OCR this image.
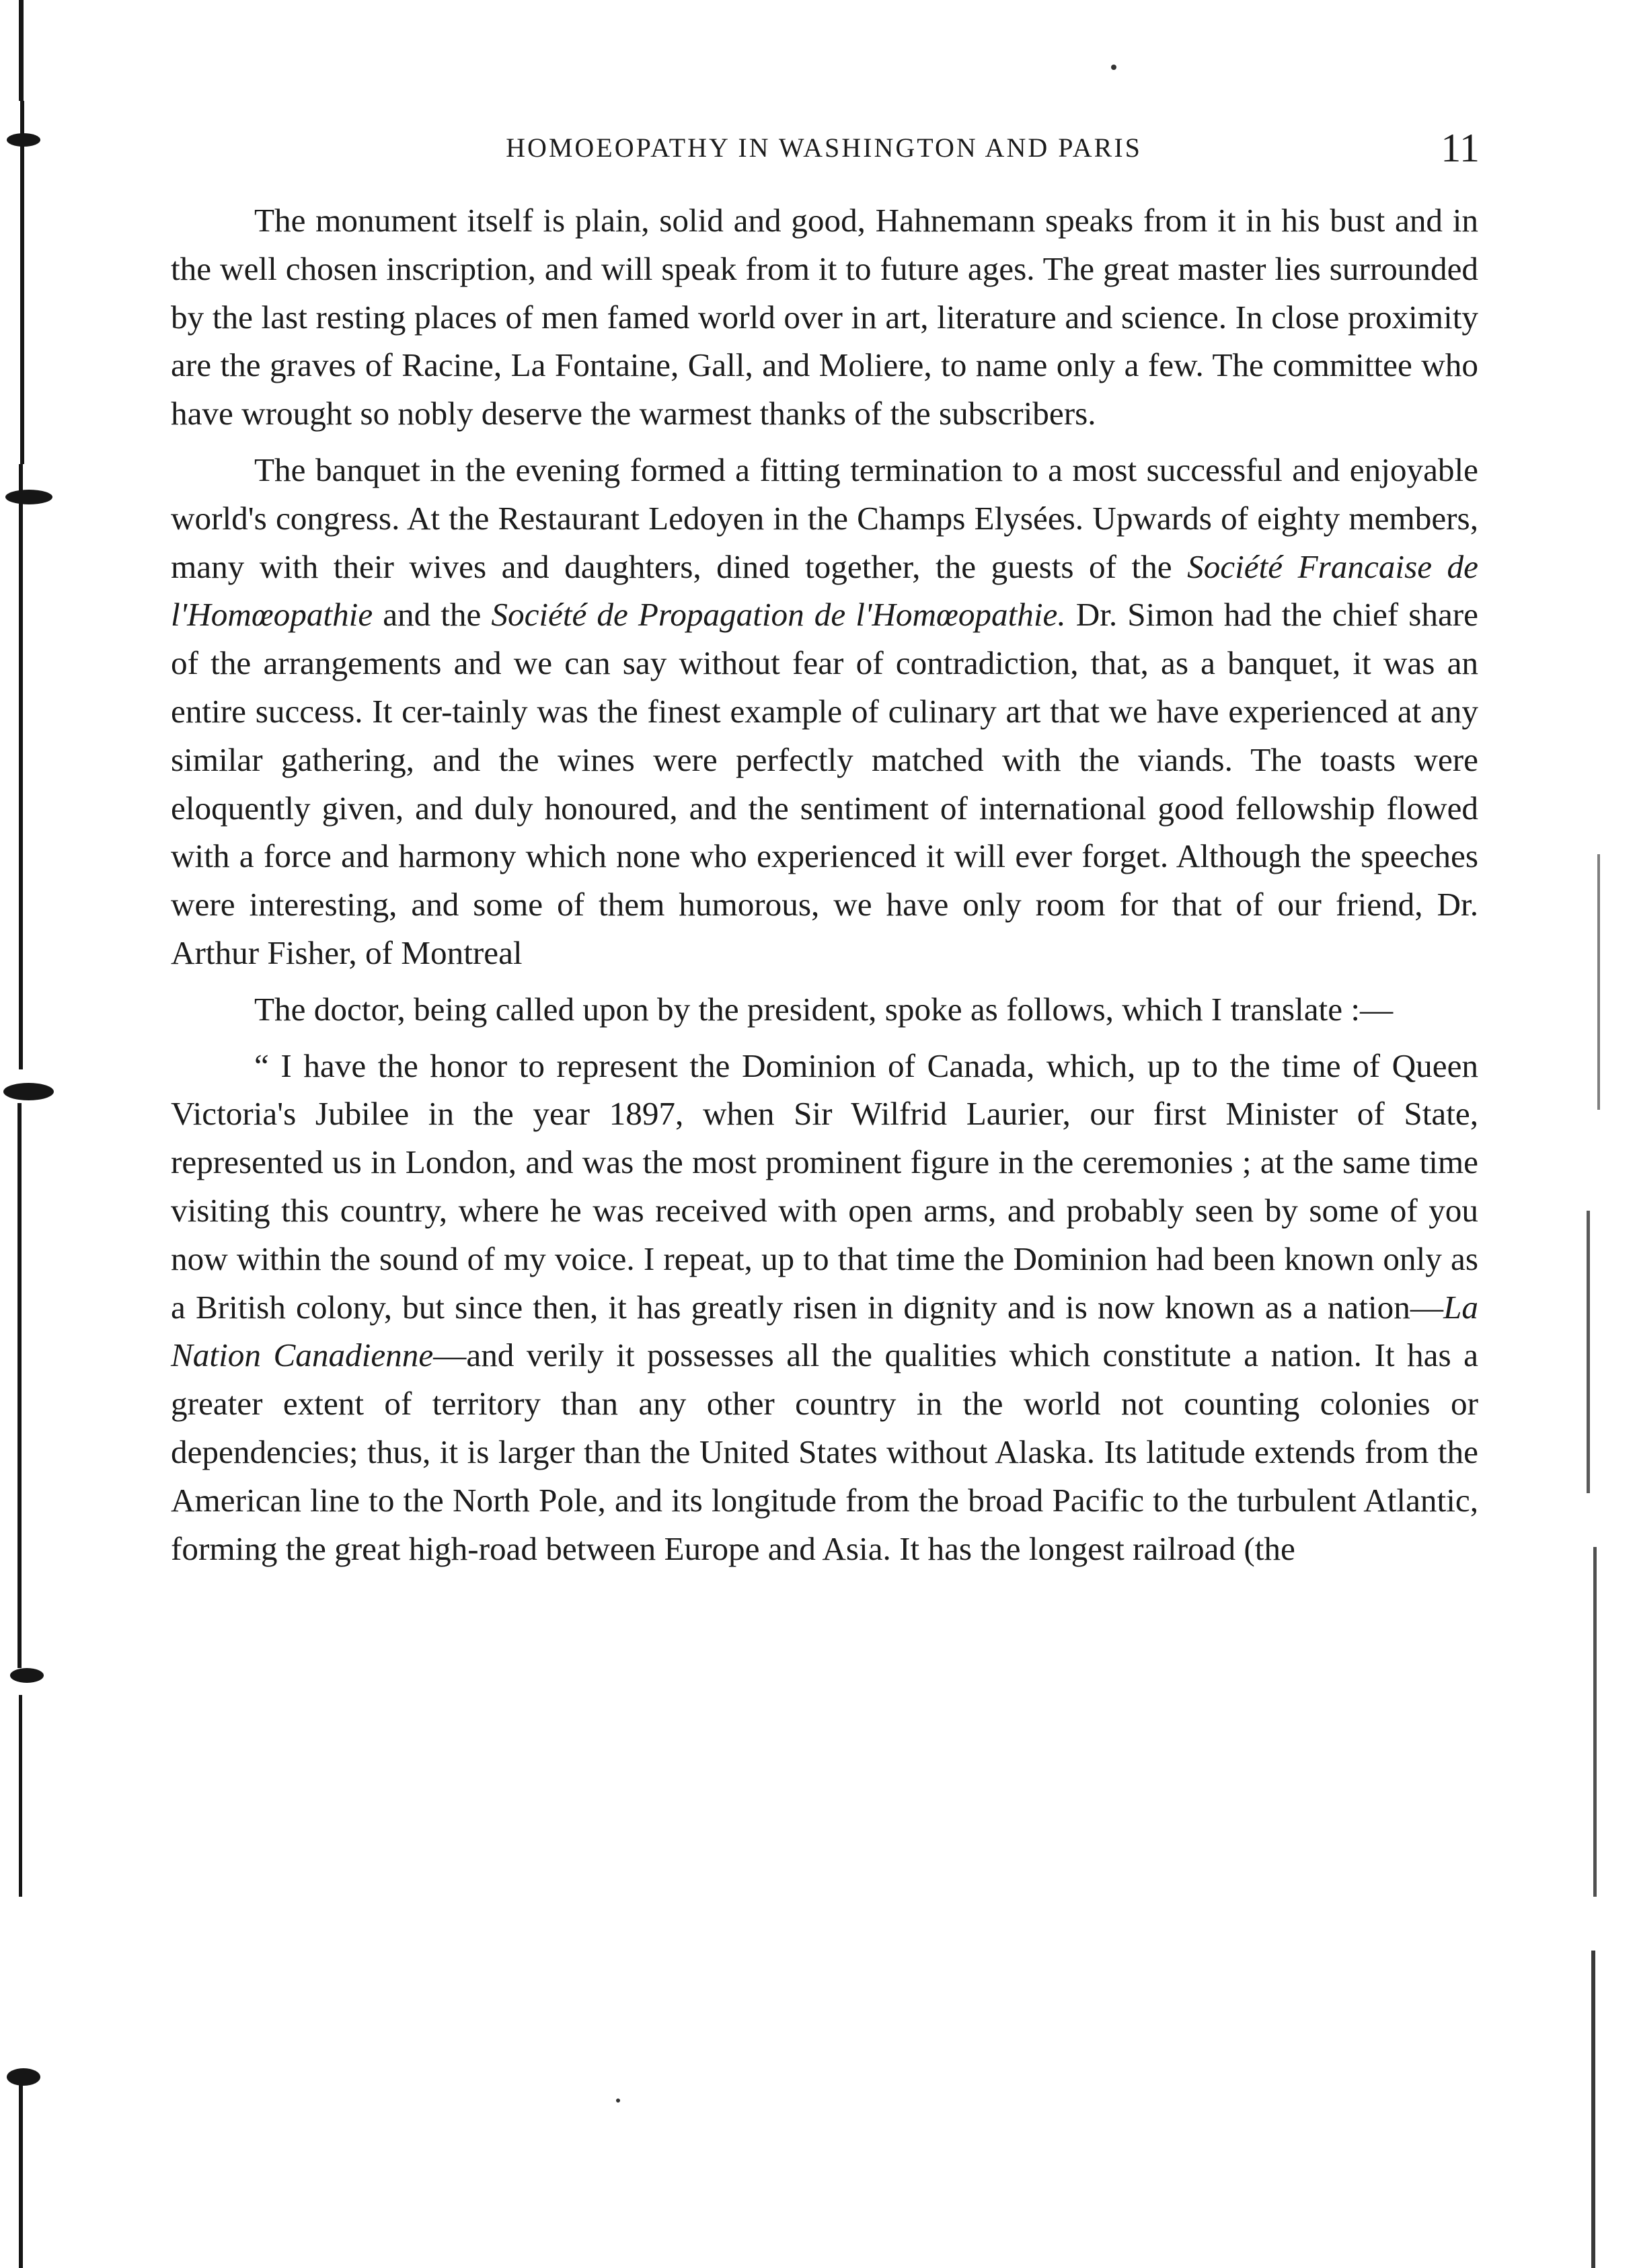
HOMOEOPATHY IN WASHINGTON AND PARIS	11

The monument itself is plain, solid and good, Hahnemann speaks from it in his bust and in the well chosen inscription, and will speak from it to future ages. The great master lies surrounded by the last resting places of men famed world over in art, literature and science. In close proximity are the graves of Racine, La Fontaine, Gall, and Moliere, to name only a few. The committee who have wrought so nobly deserve the warmest thanks of the subscribers.

The banquet in the evening formed a fitting termination to a most successful and enjoyable world's congress. At the Restaurant Ledoyen in the Champs Elysées. Upwards of eighty members, many with their wives and daughters, dined together, the guests of the Société Francaise de l'Homœopathie and the Société de Propagation de l'Homœopathie. Dr. Simon had the chief share of the arrangements and we can say without fear of contradiction, that, as a banquet, it was an entire success. It cer-tainly was the finest example of culinary art that we have experienced at any similar gathering, and the wines were perfectly matched with the viands. The toasts were eloquently given, and duly honoured, and the sentiment of international good fellowship flowed with a force and harmony which none who experienced it will ever forget. Although the speeches were interesting, and some of them humorous, we have only room for that of our friend, Dr. Arthur Fisher, of Montreal

The doctor, being called upon by the president, spoke as follows, which I translate :—

“ I have the honor to represent the Dominion of Canada, which, up to the time of Queen Victoria's Jubilee in the year 1897, when Sir Wilfrid Laurier, our first Minister of State, represented us in London, and was the most prominent figure in the ceremonies ; at the same time visiting this country, where he was received with open arms, and probably seen by some of you now within the sound of my voice. I repeat, up to that time the Dominion had been known only as a British colony, but since then, it has greatly risen in dignity and is now known as a nation—La Nation Canadienne—and verily it possesses all the qualities which constitute a nation. It has a greater extent of territory than any other country in the world not counting colonies or dependencies; thus, it is larger than the United States without Alaska. Its latitude extends from the American line to the North Pole, and its longitude from the broad Pacific to the turbulent Atlantic, forming the great high-road between Europe and Asia. It has the longest railroad (the
